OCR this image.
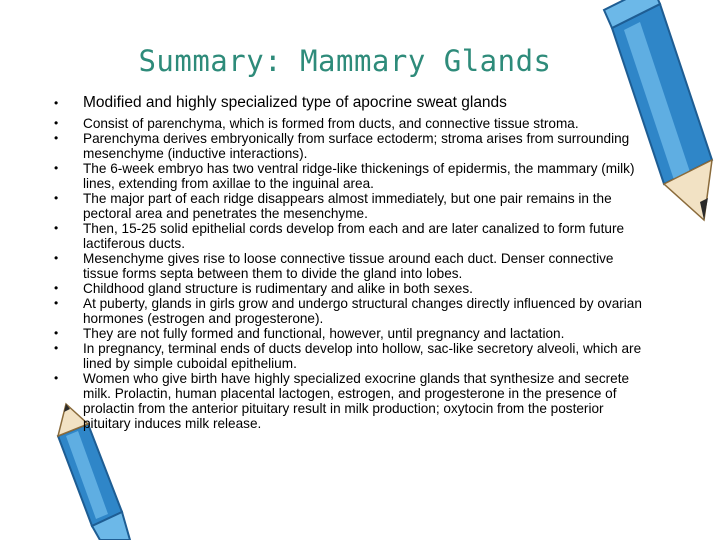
Summary: Mammary Glands
• Modified and highly specialized type of apocrine sweat glands
• Consist of parenchyma, which is formed from ducts, and connective tissue stroma.
• Parenchyma derives embryonically from surface ectoderm; stroma arises from surrounding mesenchyme (inductive interactions).
• The 6-week embryo has two ventral ridge-like thickenings of epidermis, the mammary (milk) lines, extending from axillae to the inguinal area.
• The major part of each ridge disappears almost immediately, but one pair remains in the pectoral area and penetrates the mesenchyme.
• Then, 15-25 solid epithelial cords develop from each and are later canalized to form future lactiferous ducts.
• Mesenchyme gives rise to loose connective tissue around each duct. Denser connective tissue forms septa between them to divide the gland into lobes.
• Childhood gland structure is rudimentary and alike in both sexes.
• At puberty, glands in girls grow and undergo structural changes directly influenced by ovarian hormones (estrogen and progesterone).
• They are not fully formed and functional, however, until pregnancy and lactation.
• In pregnancy, terminal ends of ducts develop into hollow, sac-like secretory alveoli, which are lined by simple cuboidal epithelium.
• Women who give birth have highly specialized exocrine glands that synthesize and secrete milk. Prolactin, human placental lactogen, estrogen, and progesterone in the presence of prolactin from the anterior pituitary result in milk production; oxytocin from the posterior pituitary induces milk release.
